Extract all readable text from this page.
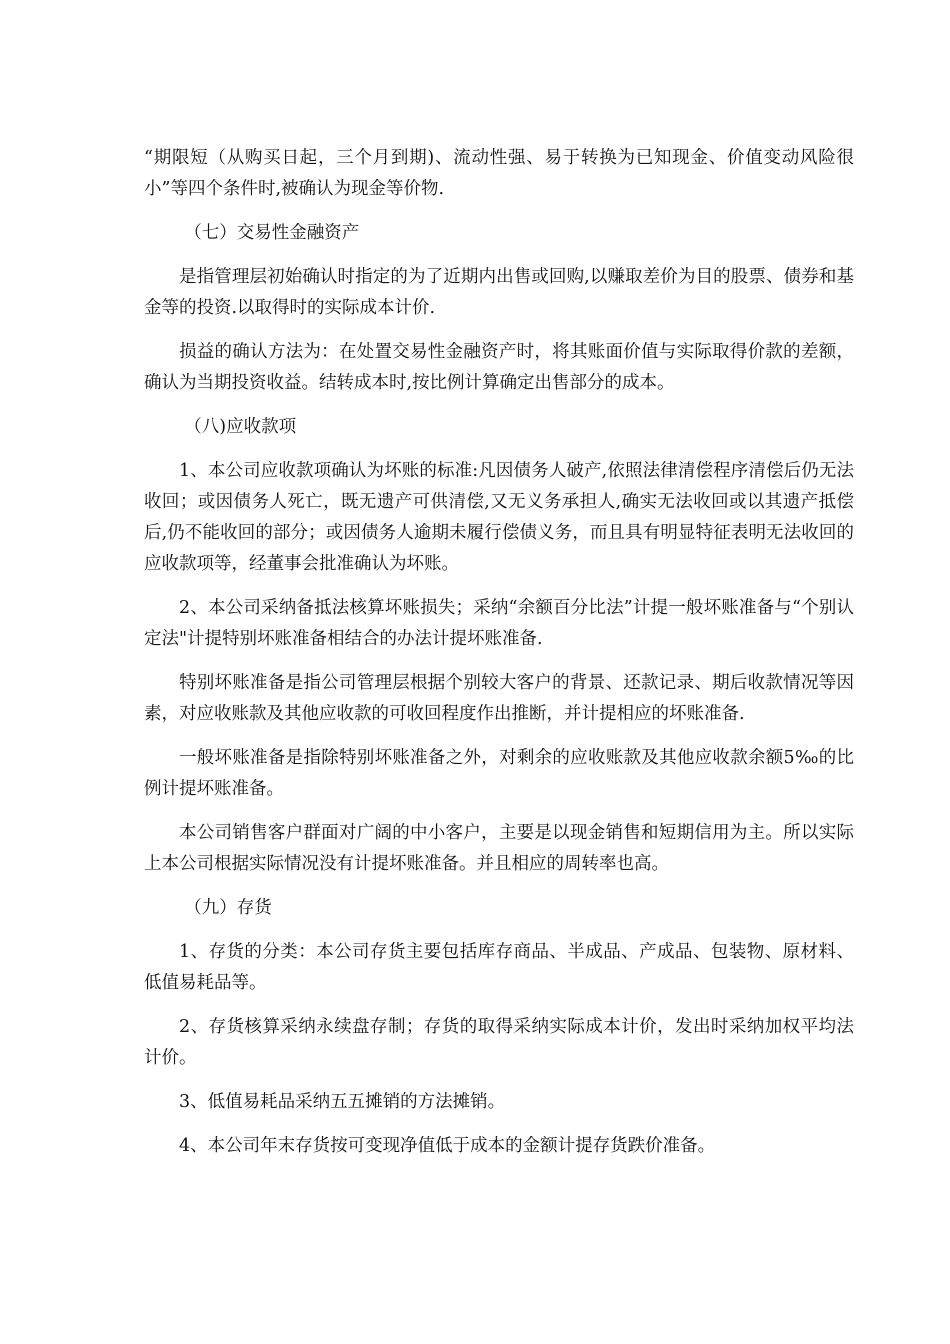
“期限短（从购买日起，三个月到期)、流动性强、易于转换为已知现金、价值变动风险很小”等四个条件时,被确认为现金等价物.

（七）交易性金融资产

是指管理层初始确认时指定的为了近期内出售或回购,以赚取差价为目的股票、债券和基金等的投资.以取得时的实际成本计价.

损益的确认方法为：在处置交易性金融资产时，将其账面价值与实际取得价款的差额，确认为当期投资收益。结转成本时,按比例计算确定出售部分的成本。

（八)应收款项

1、本公司应收款项确认为坏账的标准:凡因债务人破产,依照法律清偿程序清偿后仍无法收回；或因债务人死亡，既无遗产可供清偿,又无义务承担人,确实无法收回或以其遗产抵偿后,仍不能收回的部分；或因债务人逾期未履行偿债义务，而且具有明显特征表明无法收回的应收款项等，经董事会批准确认为坏账。

2、本公司采纳备抵法核算坏账损失；采纳“余额百分比法”计提一般坏账准备与“个别认定法"计提特别坏账准备相结合的办法计提坏账准备.

特别坏账准备是指公司管理层根据个别较大客户的背景、还款记录、期后收款情况等因素，对应收账款及其他应收款的可收回程度作出推断，并计提相应的坏账准备.

一般坏账准备是指除特别坏账准备之外，对剩余的应收账款及其他应收款余额5‰的比例计提坏账准备。

本公司销售客户群面对广阔的中小客户，主要是以现金销售和短期信用为主。所以实际上本公司根据实际情况没有计提坏账准备。并且相应的周转率也高。

（九）存货

1、存货的分类：本公司存货主要包括库存商品、半成品、产成品、包装物、原材料、低值易耗品等。

2、存货核算采纳永续盘存制；存货的取得采纳实际成本计价，发出时采纳加权平均法计价。

3、低值易耗品采纳五五摊销的方法摊销。

4、本公司年末存货按可变现净值低于成本的金额计提存货跌价准备。
